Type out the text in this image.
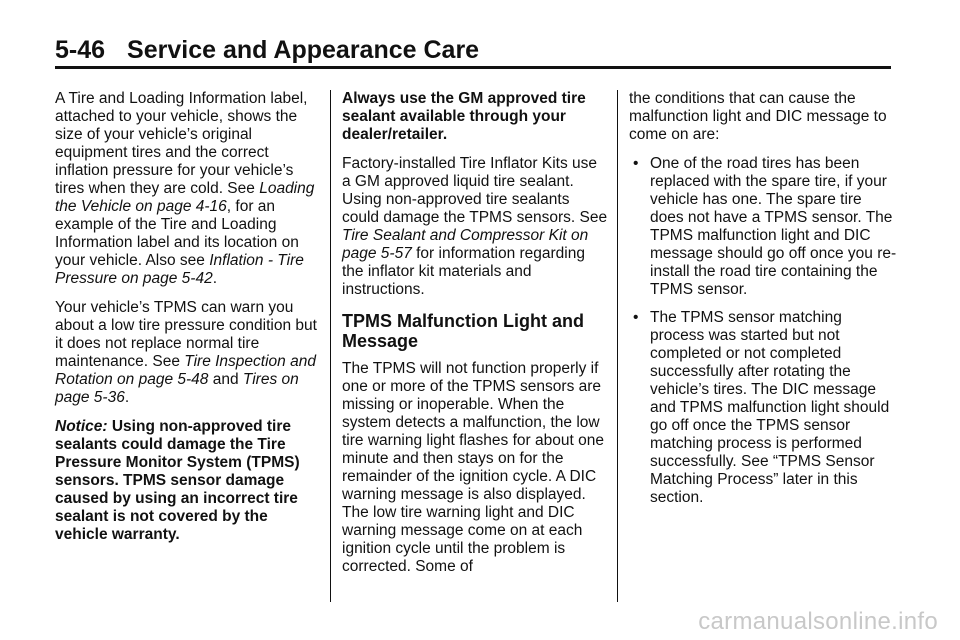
5-46 Service and Appearance Care

A Tire and Loading Information label, attached to your vehicle, shows the size of your vehicle’s original equipment tires and the correct inflation pressure for your vehicle’s tires when they are cold. See Loading the Vehicle on page 4-16, for an example of the Tire and Loading Information label and its location on your vehicle. Also see Inflation - Tire Pressure on page 5-42.

Your vehicle’s TPMS can warn you about a low tire pressure condition but it does not replace normal tire maintenance. See Tire Inspection and Rotation on page 5-48 and Tires on page 5-36.

Notice: Using non-approved tire sealants could damage the Tire Pressure Monitor System (TPMS) sensors. TPMS sensor damage caused by using an incorrect tire sealant is not covered by the vehicle warranty.

Always use the GM approved tire sealant available through your dealer/retailer.

Factory-installed Tire Inflator Kits use a GM approved liquid tire sealant. Using non-approved tire sealants could damage the TPMS sensors. See Tire Sealant and Compressor Kit on page 5-57 for information regarding the inflator kit materials and instructions.

TPMS Malfunction Light and Message

The TPMS will not function properly if one or more of the TPMS sensors are missing or inoperable. When the system detects a malfunction, the low tire warning light flashes for about one minute and then stays on for the remainder of the ignition cycle. A DIC warning message is also displayed. The low tire warning light and DIC warning message come on at each ignition cycle until the problem is corrected. Some of

the conditions that can cause the malfunction light and DIC message to come on are:

• One of the road tires has been replaced with the spare tire, if your vehicle has one. The spare tire does not have a TPMS sensor. The TPMS malfunction light and DIC message should go off once you re-install the road tire containing the TPMS sensor.
• The TPMS sensor matching process was started but not completed or not completed successfully after rotating the vehicle’s tires. The DIC message and TPMS malfunction light should go off once the TPMS sensor matching process is performed successfully. See “TPMS Sensor Matching Process” later in this section.
carmanualsonline.info
